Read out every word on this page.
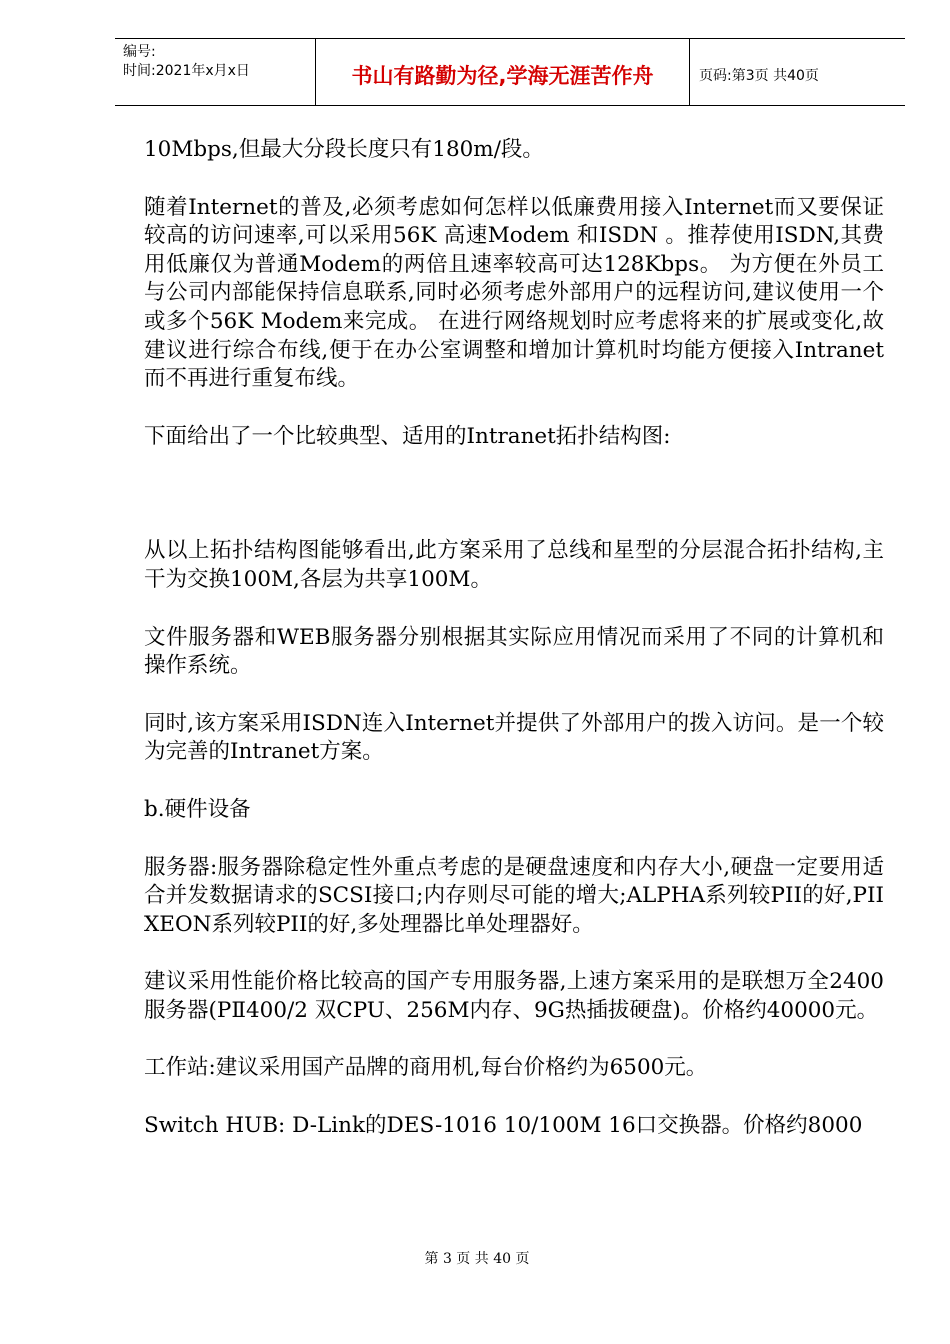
编号:
时间:2021年x月x日	书山有路勤为径,学海无涯苦作舟	页码:第3页 共40页

10Mbps,但最大分段长度只有180m/段。

随着Internet的普及,必须考虑如何怎样以低廉费用接入Internet而又要保证较高的访问速率,可以采用56K 高速Modem 和ISDN 。推荐使用ISDN,其费用低廉仅为普通Modem的两倍且速率较高可达128Kbps。 为方便在外员工与公司内部能保持信息联系,同时必须考虑外部用户的远程访问,建议使用一个或多个56K Modem来完成。 在进行网络规划时应考虑将来的扩展或变化,故建议进行综合布线,便于在办公室调整和增加计算机时均能方便接入Intranet而不再进行重复布线。

下面给出了一个比较典型、适用的Intranet拓扑结构图:

从以上拓扑结构图能够看出,此方案采用了总线和星型的分层混合拓扑结构,主干为交换100M,各层为共享100M。

文件服务器和WEB服务器分别根据其实际应用情况而采用了不同的计算机和操作系统。

同时,该方案采用ISDN连入Internet并提供了外部用户的拨入访问。是一个较为完善的Intranet方案。

b.硬件设备

服务器:服务器除稳定性外重点考虑的是硬盘速度和内存大小,硬盘一定要用适合并发数据请求的SCSI接口;内存则尽可能的增大;ALPHA系列较PII的好,PII XEON系列较PII的好,多处理器比单处理器好。

建议采用性能价格比较高的国产专用服务器,上速方案采用的是联想万全2400服务器(PⅡ400/2 双CPU、256M内存、9G热插拔硬盘)。价格约40000元。

工作站:建议采用国产品牌的商用机,每台价格约为6500元。

Switch HUB: D-Link的DES-1016 10/100M 16口交换器。价格约8000

第 3 页 共 40 页
